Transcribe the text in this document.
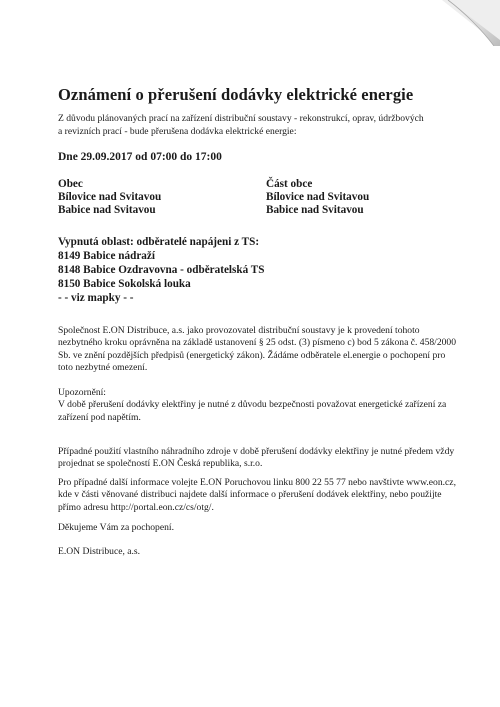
Oznámení o přerušení dodávky elektrické energie
Z důvodu plánovaných prací na zařízení distribuční soustavy - rekonstrukcí, oprav, údržbových
a revizních prací - bude přerušena dodávka elektrické energie:
Dne 29.09.2017 od 07:00 do 17:00
Obec
Bílovice nad Svitavou
Babice nad Svitavou
Část obce
Bílovice nad Svitavou
Babice nad Svitavou
Vypnutá oblast: odběratelé napájeni z TS:
8149 Babice nádraží
8148 Babice Ozdravovna - odběratelská TS
8150 Babice Sokolská louka
- - viz mapky - -
Společnost E.ON Distribuce, a.s. jako provozovatel distribuční soustavy je k provedení tohoto
nezbytného kroku oprávněna na základě ustanovení § 25 odst. (3) písmeno c) bod 5 zákona č. 458/2000
Sb. ve znění pozdějších předpisů (energetický zákon). Žádáme odběratele el.energie o pochopení pro
toto nezbytné omezení.
Upozornění:
V době přerušení dodávky elektřiny je nutné z důvodu bezpečnosti považovat energetické zařízení za
zařízení pod napětím.
Případné použití vlastního náhradního zdroje v době přerušení dodávky elektřiny je nutné předem vždy
projednat se společností E.ON Česká republika, s.r.o.
Pro případné další informace volejte E.ON Poruchovou linku 800 22 55 77 nebo navštivte www.eon.cz,
kde v části věnované distribuci najdete další informace o přerušení dodávek elektřiny, nebo použijte
přímo adresu http://portal.eon.cz/cs/otg/.
Děkujeme Vám za pochopení.
E.ON Distribuce, a.s.
